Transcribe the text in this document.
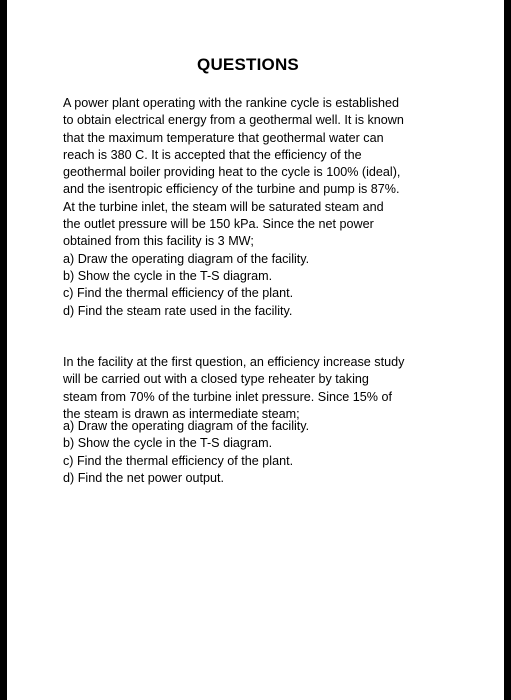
QUESTIONS
A power plant operating with the rankine cycle is established
to obtain electrical energy from a geothermal well. It is known
that the maximum temperature that geothermal water can
reach is 380 C. It is accepted that the efficiency of the
geothermal boiler providing heat to the cycle is 100% (ideal),
and the isentropic efficiency of the turbine and pump is 87%.
At the turbine inlet, the steam will be saturated steam and
the outlet pressure will be 150 kPa. Since the net power
obtained from this facility is 3 MW;
a) Draw the operating diagram of the facility.
b) Show the cycle in the T-S diagram.
c) Find the thermal efficiency of the plant.
d) Find the steam rate used in the facility.
In the facility at the first question, an efficiency increase study
will be carried out with a closed type reheater by taking
steam from 70% of the turbine inlet pressure. Since 15% of
the steam is drawn as intermediate steam;
a) Draw the operating diagram of the facility.
b) Show the cycle in the T-S diagram.
c) Find the thermal efficiency of the plant.
d) Find the net power output.
